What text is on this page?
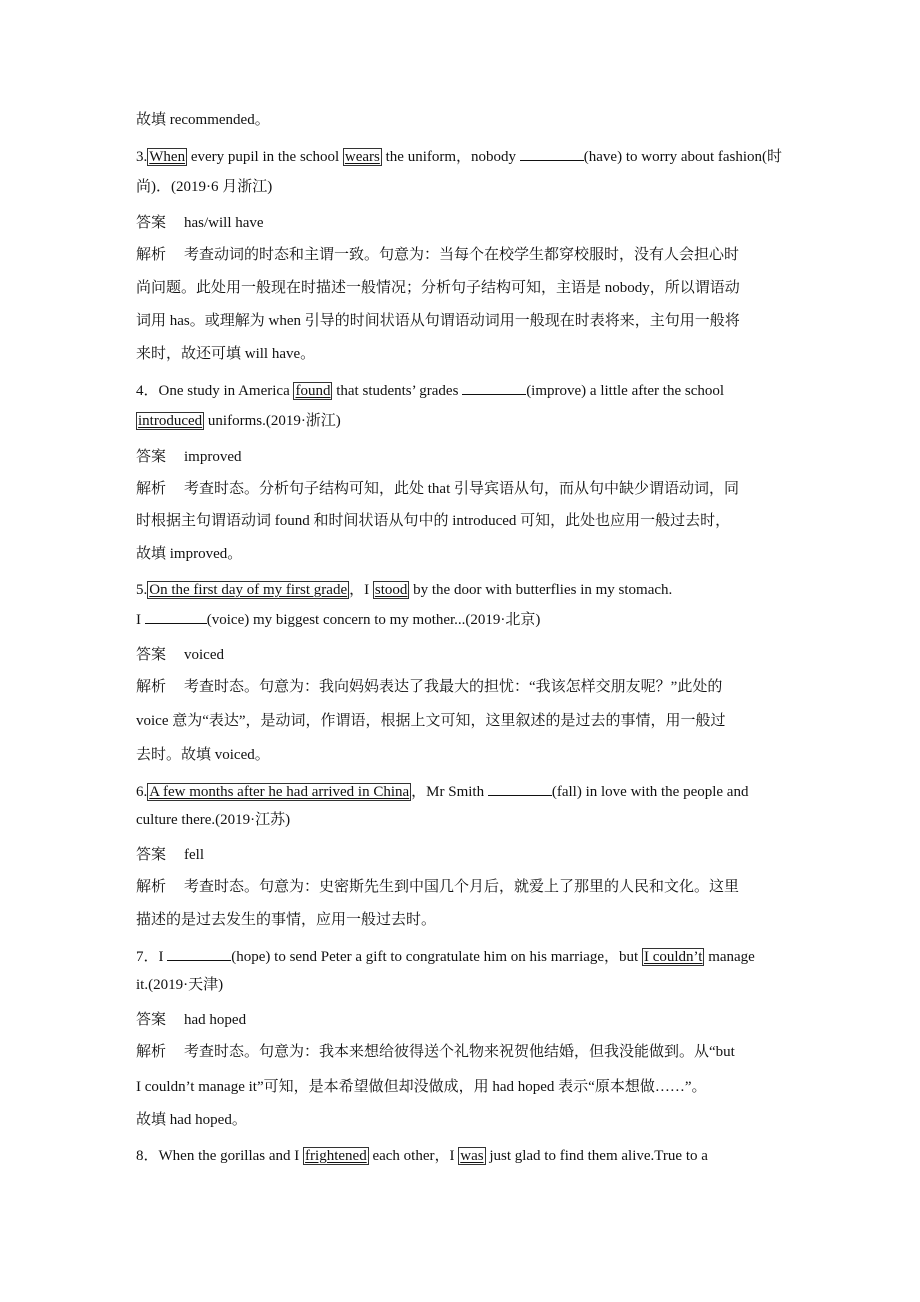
故填 recommended。
3. When every pupil in the school wears the uniform，nobody	(have) to worry about fashion(时
尚)．(2019·6 月浙江)
答案 has/will have
解析 考查动词的时态和主谓一致。句意为：当每个在校学生都穿校服时，没有人会担心时
尚问题。此处用一般现在时描述一般情况；分析句子结构可知，主语是 nobody，所以谓语动
词用 has。或理解为 when 引导的时间状语从句谓语动词用一般现在时表将来，主句用一般将
来时，故还可填 will have。
4．One study in America found that students’ grades	(improve) a little after the school
introduced uniforms.(2019·浙江)
答案 improved
解析 考查时态。分析句子结构可知，此处 that 引导宾语从句，而从句中缺少谓语动词，同
时根据主句谓语动词 found 和时间状语从句中的 introduced 可知，此处也应用一般过去时，
故填 improved。
5. On the first day of my first grade ，I stood by the door with butterflies in my stomach.
I	(voice) my biggest concern to my mother...(2019·北京)
答案 voiced
解析 考查时态。句意为：我向妈妈表达了我最大的担忧：“我该怎样交朋友呢？”此处的
voice 意为“表达”，是动词，作谓语，根据上文可知，这里叙述的是过去的事情，用一般过
去时。故填 voiced。
6. A few months after he had arrived in China ，Mr Smith	(fall) in love with the people and
culture there.(2019·江苏)
答案 fell
解析 考查时态。句意为：史密斯先生到中国几个月后，就爱上了那里的人民和文化。这里
描述的是过去发生的事情，应用一般过去时。
7．I	(hope) to send Peter a gift to congratulate him on his marriage，but I couldn’t manage
it.(2019·天津)
答案 had hoped
解析 考查时态。句意为：我本来想给彼得送个礼物来祝贺他结婚，但我没能做到。从“but
I couldn’t manage it”可知，是本希望做但却没做成，用 had hoped 表示“原本想做……”。
故填 had hoped。
8．When the gorillas and I frightened each other，I was just glad to find them alive.True to a
